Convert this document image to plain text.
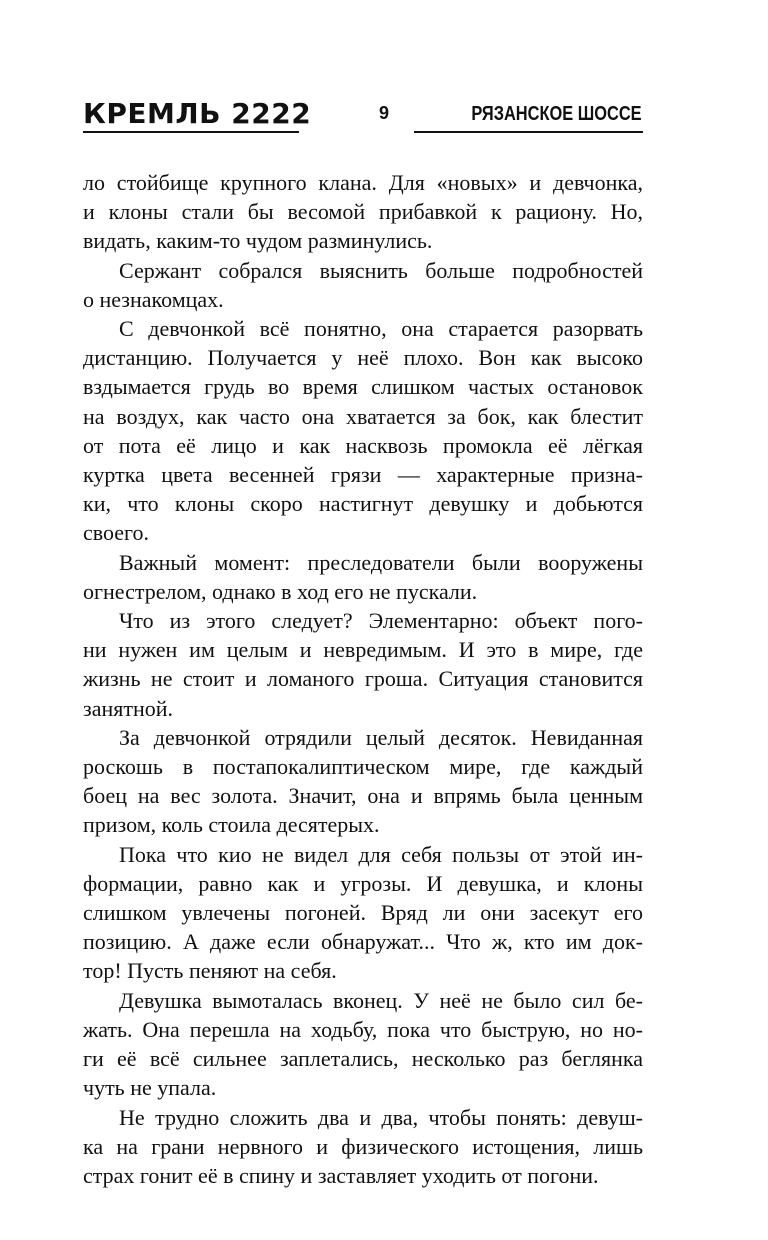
КРЕМЛЬ 2222	9	РЯЗАНСКОЕ ШОССЕ
ло стойбище крупного клана. Для «новых» и девчонка,
и клоны стали бы весомой прибавкой к рациону. Но,
видать, каким-то чудом разминулись.
Сержант собрался выяснить больше подробностей
о незнакомцах.
С девчонкой всё понятно, она старается разорвать
дистанцию. Получается у неё плохо. Вон как высоко
вздымается грудь во время слишком частых остановок
на воздух, как часто она хватается за бок, как блестит
от пота её лицо и как насквозь промокла её лёгкая
куртка цвета весенней грязи — характерные призна-
ки, что клоны скоро настигнут девушку и добьются
своего.
Важный момент: преследователи были вооружены
огнестрелом, однако в ход его не пускали.
Что из этого следует? Элементарно: объект пого-
ни нужен им целым и невредимым. И это в мире, где
жизнь не стоит и ломаного гроша. Ситуация становится
занятной.
За девчонкой отрядили целый десяток. Невиданная
роскошь в постапокалиптическом мире, где каждый
боец на вес золота. Значит, она и впрямь была ценным
призом, коль стоила десятерых.
Пока что кио не видел для себя пользы от этой ин-
формации, равно как и угрозы. И девушка, и клоны
слишком увлечены погоней. Вряд ли они засекут его
позицию. А даже если обнаружат... Что ж, кто им док-
тор! Пусть пеняют на себя.
Девушка вымоталась вконец. У неё не было сил бе-
жать. Она перешла на ходьбу, пока что быструю, но но-
ги её всё сильнее заплетались, несколько раз беглянка
чуть не упала.
Не трудно сложить два и два, чтобы понять: девуш-
ка на грани нервного и физического истощения, лишь
страх гонит её в спину и заставляет уходить от погони.
